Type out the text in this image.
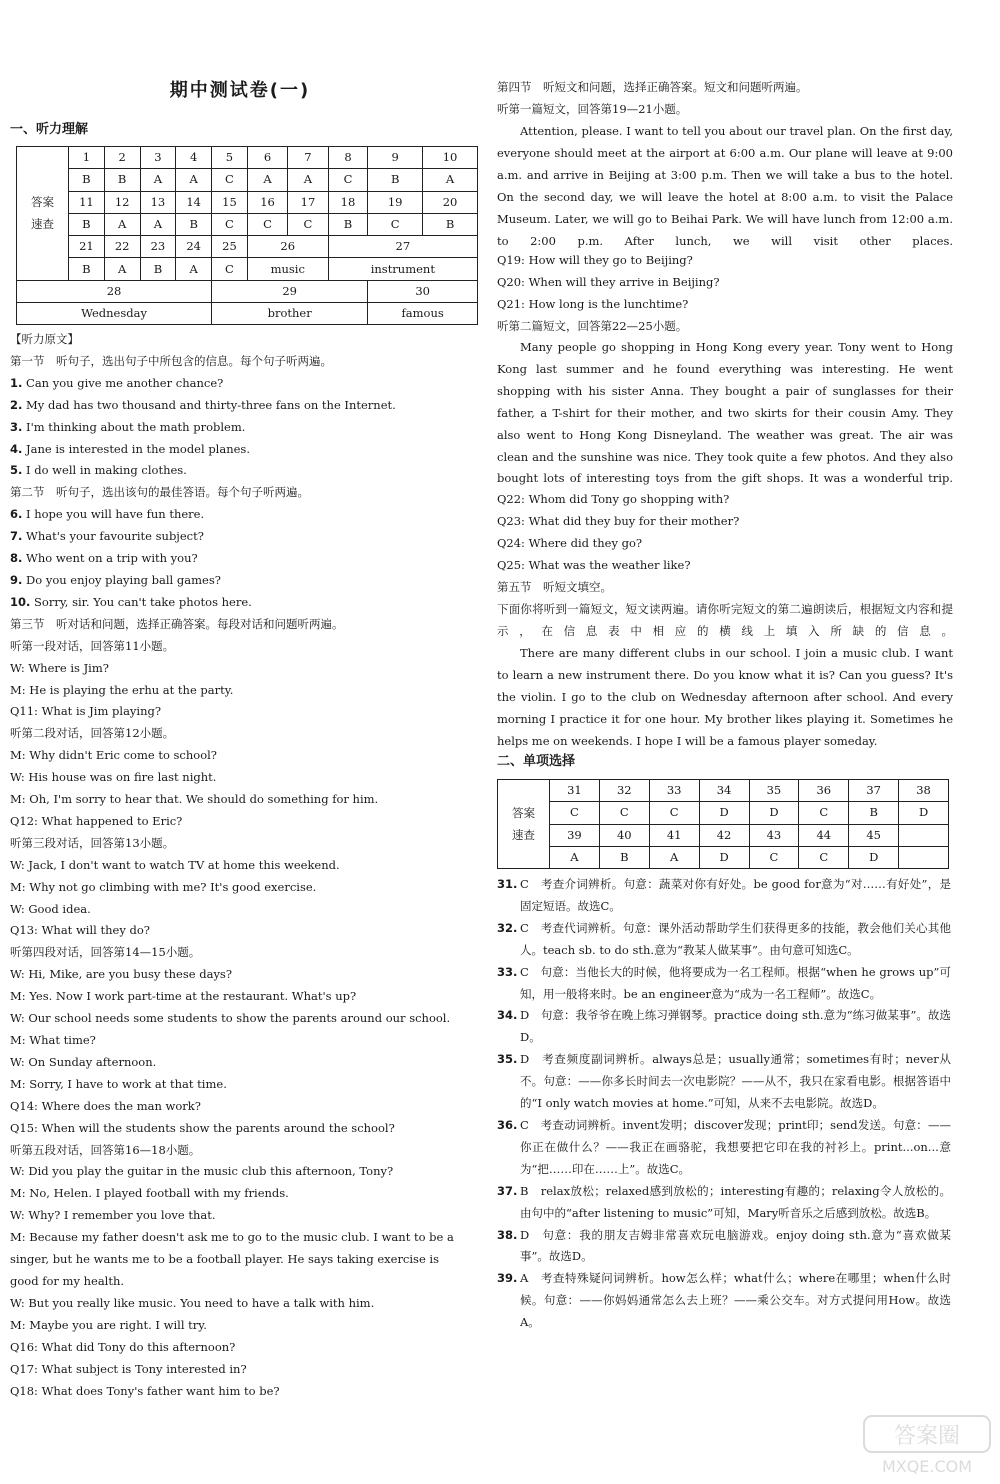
期中测试卷(一)
一、听力理解
答案
速查	1	2	3	4	5	6	7	8	9	10
	B	B	A	A	C	A	A	C	B	A
	11	12	13	14	15	16	17	18	19	20
	B	A	A	B	C	C	C	B	C	B
	21	22	23	24	25	26		27		
	B	A	B	A	C	music		instrument		
28					29				30	
Wednesday					brother				famous	
【听力原文】
第一节　听句子，选出句子中所包含的信息。每个句子听两遍。
1. Can you give me another chance?
2. My dad has two thousand and thirty-three fans on the Internet.
3. I'm thinking about the math problem.
4. Jane is interested in the model planes.
5. I do well in making clothes.
第二节　听句子，选出该句的最佳答语。每个句子听两遍。
6. I hope you will have fun there.
7. What's your favourite subject?
8. Who went on a trip with you?
9. Do you enjoy playing ball games?
10. Sorry, sir. You can't take photos here.
第三节　听对话和问题，选择正确答案。每段对话和问题听两遍。
听第一段对话，回答第11小题。
W: Where is Jim?
M: He is playing the erhu at the party.
Q11: What is Jim playing?
听第二段对话，回答第12小题。
M: Why didn't Eric come to school?
W: His house was on fire last night.
M: Oh, I'm sorry to hear that. We should do something for him.
Q12: What happened to Eric?
听第三段对话，回答第13小题。
W: Jack, I don't want to watch TV at home this weekend.
M: Why not go climbing with me? It's good exercise.
W: Good idea.
Q13: What will they do?
听第四段对话，回答第14—15小题。
W: Hi, Mike, are you busy these days?
M: Yes. Now I work part-time at the restaurant. What's up?
W: Our school needs some students to show the parents around our school.
M: What time?
W: On Sunday afternoon.
M: Sorry, I have to work at that time.
Q14: Where does the man work?
Q15: When will the students show the parents around the school?
听第五段对话，回答第16—18小题。
W: Did you play the guitar in the music club this afternoon, Tony?
M: No, Helen. I played football with my friends.
W: Why? I remember you love that.
M: Because my father doesn't ask me to go to the music club. I want to be a
singer, but he wants me to be a football player. He says taking exercise is
good for my health.
W: But you really like music. You need to have a talk with him.
M: Maybe you are right. I will try.
Q16: What did Tony do this afternoon?
Q17: What subject is Tony interested in?
Q18: What does Tony's father want him to be?
第四节　听短文和问题，选择正确答案。短文和问题听两遍。
听第一篇短文，回答第19—21小题。
Attention, please. I want to tell you about our travel plan. On the first day, everyone should meet at the airport at 6:00 a.m. Our plane will leave at 9:00 a.m. and arrive in Beijing at 3:00 p.m. Then we will take a bus to the hotel. On the second day, we will leave the hotel at 8:00 a.m. to visit the Palace Museum. Later, we will go to Beihai Park. We will have lunch from 12:00 a.m. to 2:00 p.m. After lunch, we will visit other places.
Q19: How will they go to Beijing?
Q20: When will they arrive in Beijing?
Q21: How long is the lunchtime?
听第二篇短文，回答第22—25小题。
Many people go shopping in Hong Kong every year. Tony went to Hong Kong last summer and he found everything was interesting. He went shopping with his sister Anna. They bought a pair of sunglasses for their father, a T-shirt for their mother, and two skirts for their cousin Amy. They also went to Hong Kong Disneyland. The weather was great. The air was clean and the sunshine was nice. They took quite a few photos. And they also bought lots of interesting toys from the gift shops. It was a wonderful trip.
Q22: Whom did Tony go shopping with?
Q23: What did they buy for their mother?
Q24: Where did they go?
Q25: What was the weather like?
第五节　听短文填空。
下面你将听到一篇短文，短文读两遍。请你听完短文的第二遍朗读后，根据短文内容和提示，在信息表中相应的横线上填入所缺的信息。
There are many different clubs in our school. I join a music club. I want to learn a new instrument there. Do you know what it is? Can you guess? It's the violin. I go to the club on Wednesday afternoon after school. And every morning I practice it for one hour. My brother likes playing it. Sometimes he helps me on weekends. I hope I will be a famous player someday.
二、单项选择
答案
速查	31	32	33	34	35	36	37	38
	C	C	C	D	D	C	B	D
	39	40	41	42	43	44	45	
	A	B	A	D	C	C	D	
31. C　考查介词辨析。句意：蔬菜对你有好处。be good for意为“对……有好处”，是固定短语。故选C。
32. C　考查代词辨析。句意：课外活动帮助学生们获得更多的技能，教会他们关心其他人。teach sb. to do sth.意为“教某人做某事”。由句意可知选C。
33. C　句意：当他长大的时候，他将要成为一名工程师。根据“when he grows up”可知，用一般将来时。be an engineer意为“成为一名工程师”。故选C。
34. D　句意：我爷爷在晚上练习弹钢琴。practice doing sth.意为“练习做某事”。故选D。
35. D　考查频度副词辨析。always总是；usually通常；sometimes有时；never从不。句意：——你多长时间去一次电影院？——从不，我只在家看电影。根据答语中的“I only watch movies at home.”可知，从来不去电影院。故选D。
36. C　考查动词辨析。invent发明；discover发现；print印；send发送。句意：——你正在做什么？——我正在画骆驼，我想要把它印在我的衬衫上。print...on...意为“把……印在……上”。故选C。
37. B　relax放松；relaxed感到放松的；interesting有趣的；relaxing令人放松的。由句中的“after listening to music”可知，Mary听音乐之后感到放松。故选B。
38. D　句意：我的朋友吉姆非常喜欢玩电脑游戏。enjoy doing sth.意为“喜欢做某事”。故选D。
39. A　考查特殊疑问词辨析。how怎么样；what什么；where在哪里；when什么时候。句意：——你妈妈通常怎么去上班？——乘公交车。对方式提问用How。故选A。
答案圈
MXQE.COM
